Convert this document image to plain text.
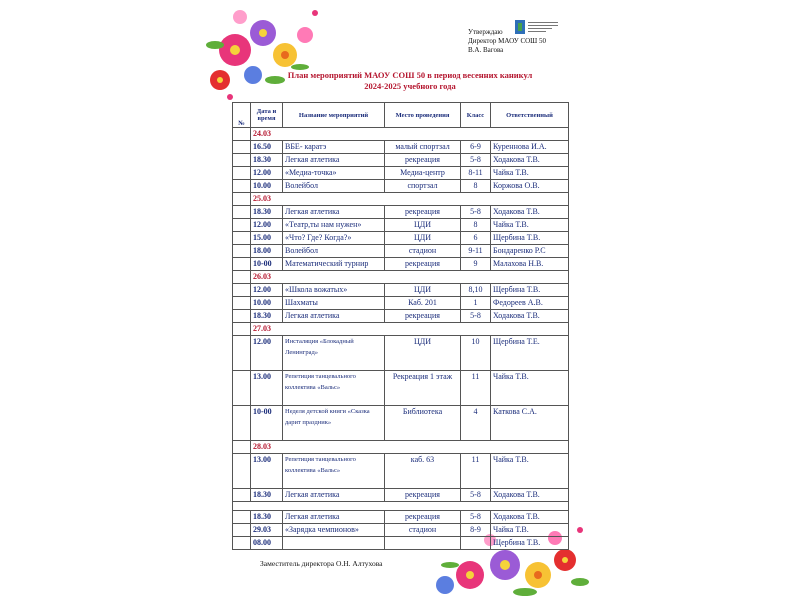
Утверждаю
Директор МАОУ СОШ 50
В.А. Вагова
План мероприятий МАОУ СОШ 50 в период весенних каникул
2024-2025 учебного года
№	Дата и время	Название мероприятий	Место проведения	Класс	Ответственный
	24.03				
	16.50	ВБЕ- каратэ	малый спортзал	6-9	Куреннова И.А.
	18.30	Легкая атлетика	рекреация	5-8	Ходакова Т.В.
	12.00	«Медиа-точка»	Медиа-центр	8-11	Чайка Т.В.
	10.00	Волейбол	спортзал	8	Коржова О.В.
	25.03				
	18.30	Легкая атлетика	рекреация	5-8	Ходакова Т.В.
	12.00	«Театр,ты нам нужен»	ЦДИ	8	Чайка Т.В.
	15.00	«Что? Где? Когда?»	ЦДИ	6	Щербина Т.В.
	18.00	Волейбол	стадион	9-11	Бондаренко Р.С
	10-00	Математический турнир	рекреация	9	Малахова Н.В.
	26.03				
	12.00	«Школа вожатых»	ЦДИ	8,10	Щербина Т.В.
	10.00	Шахматы	Каб. 201	1	Федореев А.В.
	18.30	Легкая атлетика	рекреация	5-8	Ходакова Т.В.
	27.03				
	12.00	Инсталяция «Блокадный Ленинград»	ЦДИ	10	Щербина Т.Е.
	13.00	Репетиция танцевального коллектива «Вальс»	Рекреация 1 этаж	11	Чайка Т.В.
	10-00	Неделя детской книги «Сказка дарит праздник»	Библиотека	4	Каткова С.А.
	28.03				
	13.00	Репетиция танцевального коллектива «Вальс»	каб. 63	11	Чайка Т.В.
	18.30	Легкая атлетика	рекреация	5-8	Ходакова Т.В.

	18.30	Легкая атлетика	рекреация	5-8	Ходакова Т.В.
	29.03	«Зарядка чемпионов»	стадион	8-9	Чайка Т.В.
	08.00				Щербина Т.В.
Заместитель директора О.Н. Алтухова
